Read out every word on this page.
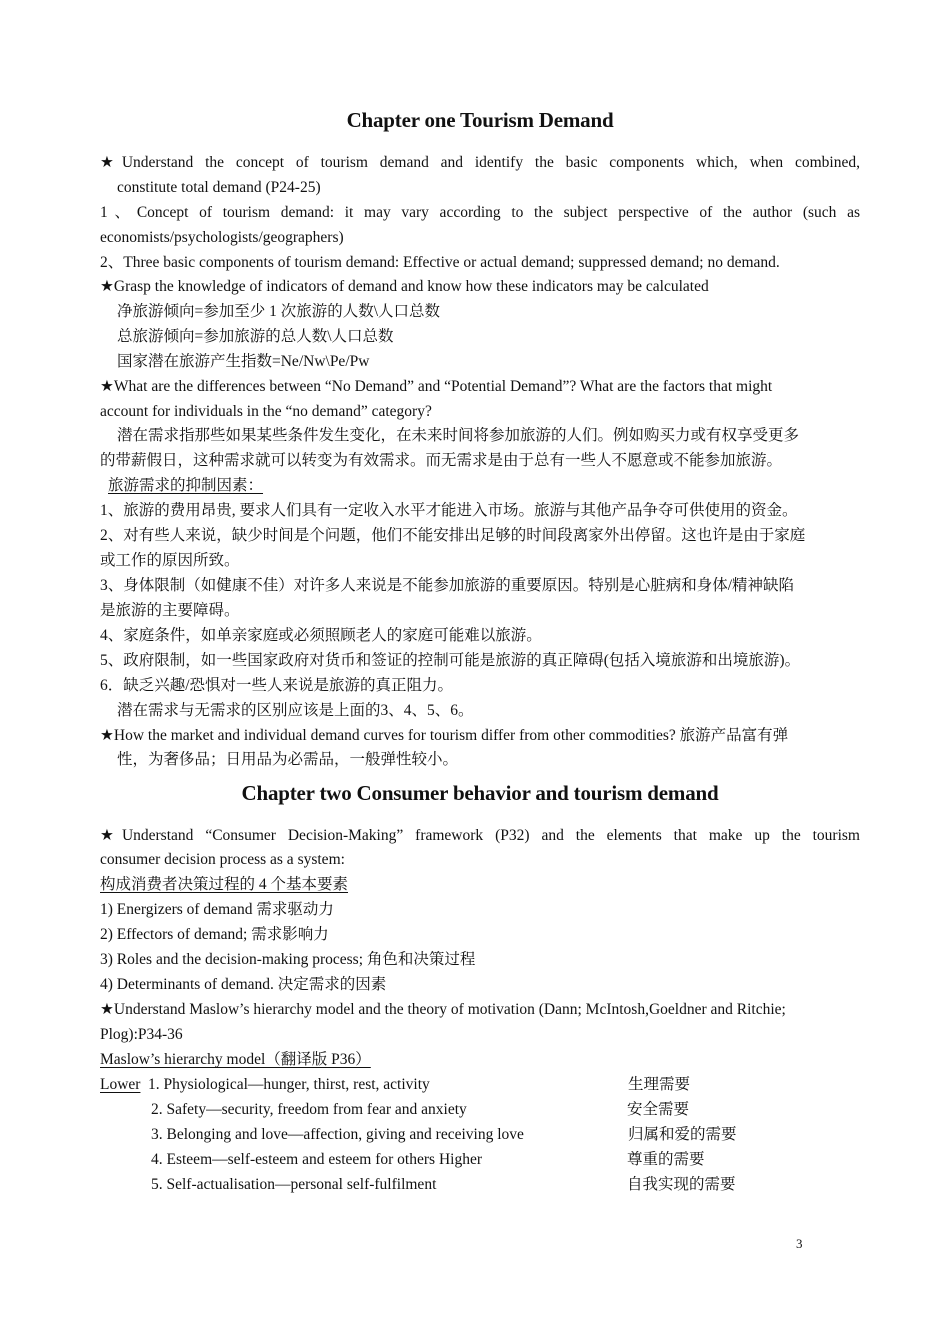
Chapter one Tourism Demand
★Understand the concept of tourism demand and identify the basic components which, when combined,
constitute total demand (P24-25)
1、Concept of tourism demand: it may vary according to the subject perspective of the author (such as
economists/psychologists/geographers)
2、Three basic components of tourism demand: Effective or actual demand; suppressed demand; no demand.
★Grasp the knowledge of indicators of demand and know how these indicators may be calculated
净旅游倾向=参加至少 1 次旅游的人数\人口总数
总旅游倾向=参加旅游的总人数\人口总数
国家潜在旅游产生指数=Ne/Nw\Pe/Pw
★What are the differences between “No Demand” and “Potential Demand”? What are the factors that might
account for individuals in the “no demand” category?
潜在需求指那些如果某些条件发生变化，在未来时间将参加旅游的人们。例如购买力或有权享受更多
的带薪假日，这种需求就可以转变为有效需求。而无需求是由于总有一些人不愿意或不能参加旅游。
旅游需求的抑制因素：
1、旅游的费用昂贵, 要求人们具有一定收入水平才能进入市场。旅游与其他产品争夺可供使用的资金。
2、对有些人来说，缺少时间是个问题，他们不能安排出足够的时间段离家外出停留。这也许是由于家庭
或工作的原因所致。
3、身体限制（如健康不佳）对许多人来说是不能参加旅游的重要原因。特别是心脏病和身体/精神缺陷
是旅游的主要障碍。
4、家庭条件，如单亲家庭或必须照顾老人的家庭可能难以旅游。
5、政府限制，如一些国家政府对货币和签证的控制可能是旅游的真正障碍(包括入境旅游和出境旅游)。
6．缺乏兴趣/恐惧对一些人来说是旅游的真正阻力。
潜在需求与无需求的区别应该是上面的3、4、5、6。
★How the market and individual demand curves for tourism differ from other commodities? 旅游产品富有弹
性，为奢侈品；日用品为必需品，一般弹性较小。
Chapter two Consumer behavior and tourism demand
★Understand “Consumer Decision-Making” framework (P32) and the elements that make up the tourism
consumer decision process as a system:
构成消费者决策过程的 4 个基本要素
1) Energizers of demand 需求驱动力
2) Effectors of demand; 需求影响力
3) Roles and the decision-making process; 角色和决策过程
4) Determinants of demand. 决定需求的因素
★Understand Maslow’s hierarchy model and the theory of motivation (Dann; McIntosh,Goeldner and Ritchie;
Plog):P34-36
Maslow’s hierarchy model（翻译版 P36）
Lower 1. Physiological—hunger, thirst, rest, activity	生理需要
2. Safety—security, freedom from fear and anxiety	安全需要
3. Belonging and love—affection, giving and receiving love	归属和爱的需要
4. Esteem—self-esteem and esteem for others Higher	尊重的需要
5. Self-actualisation—personal self-fulfilment	自我实现的需要
3
